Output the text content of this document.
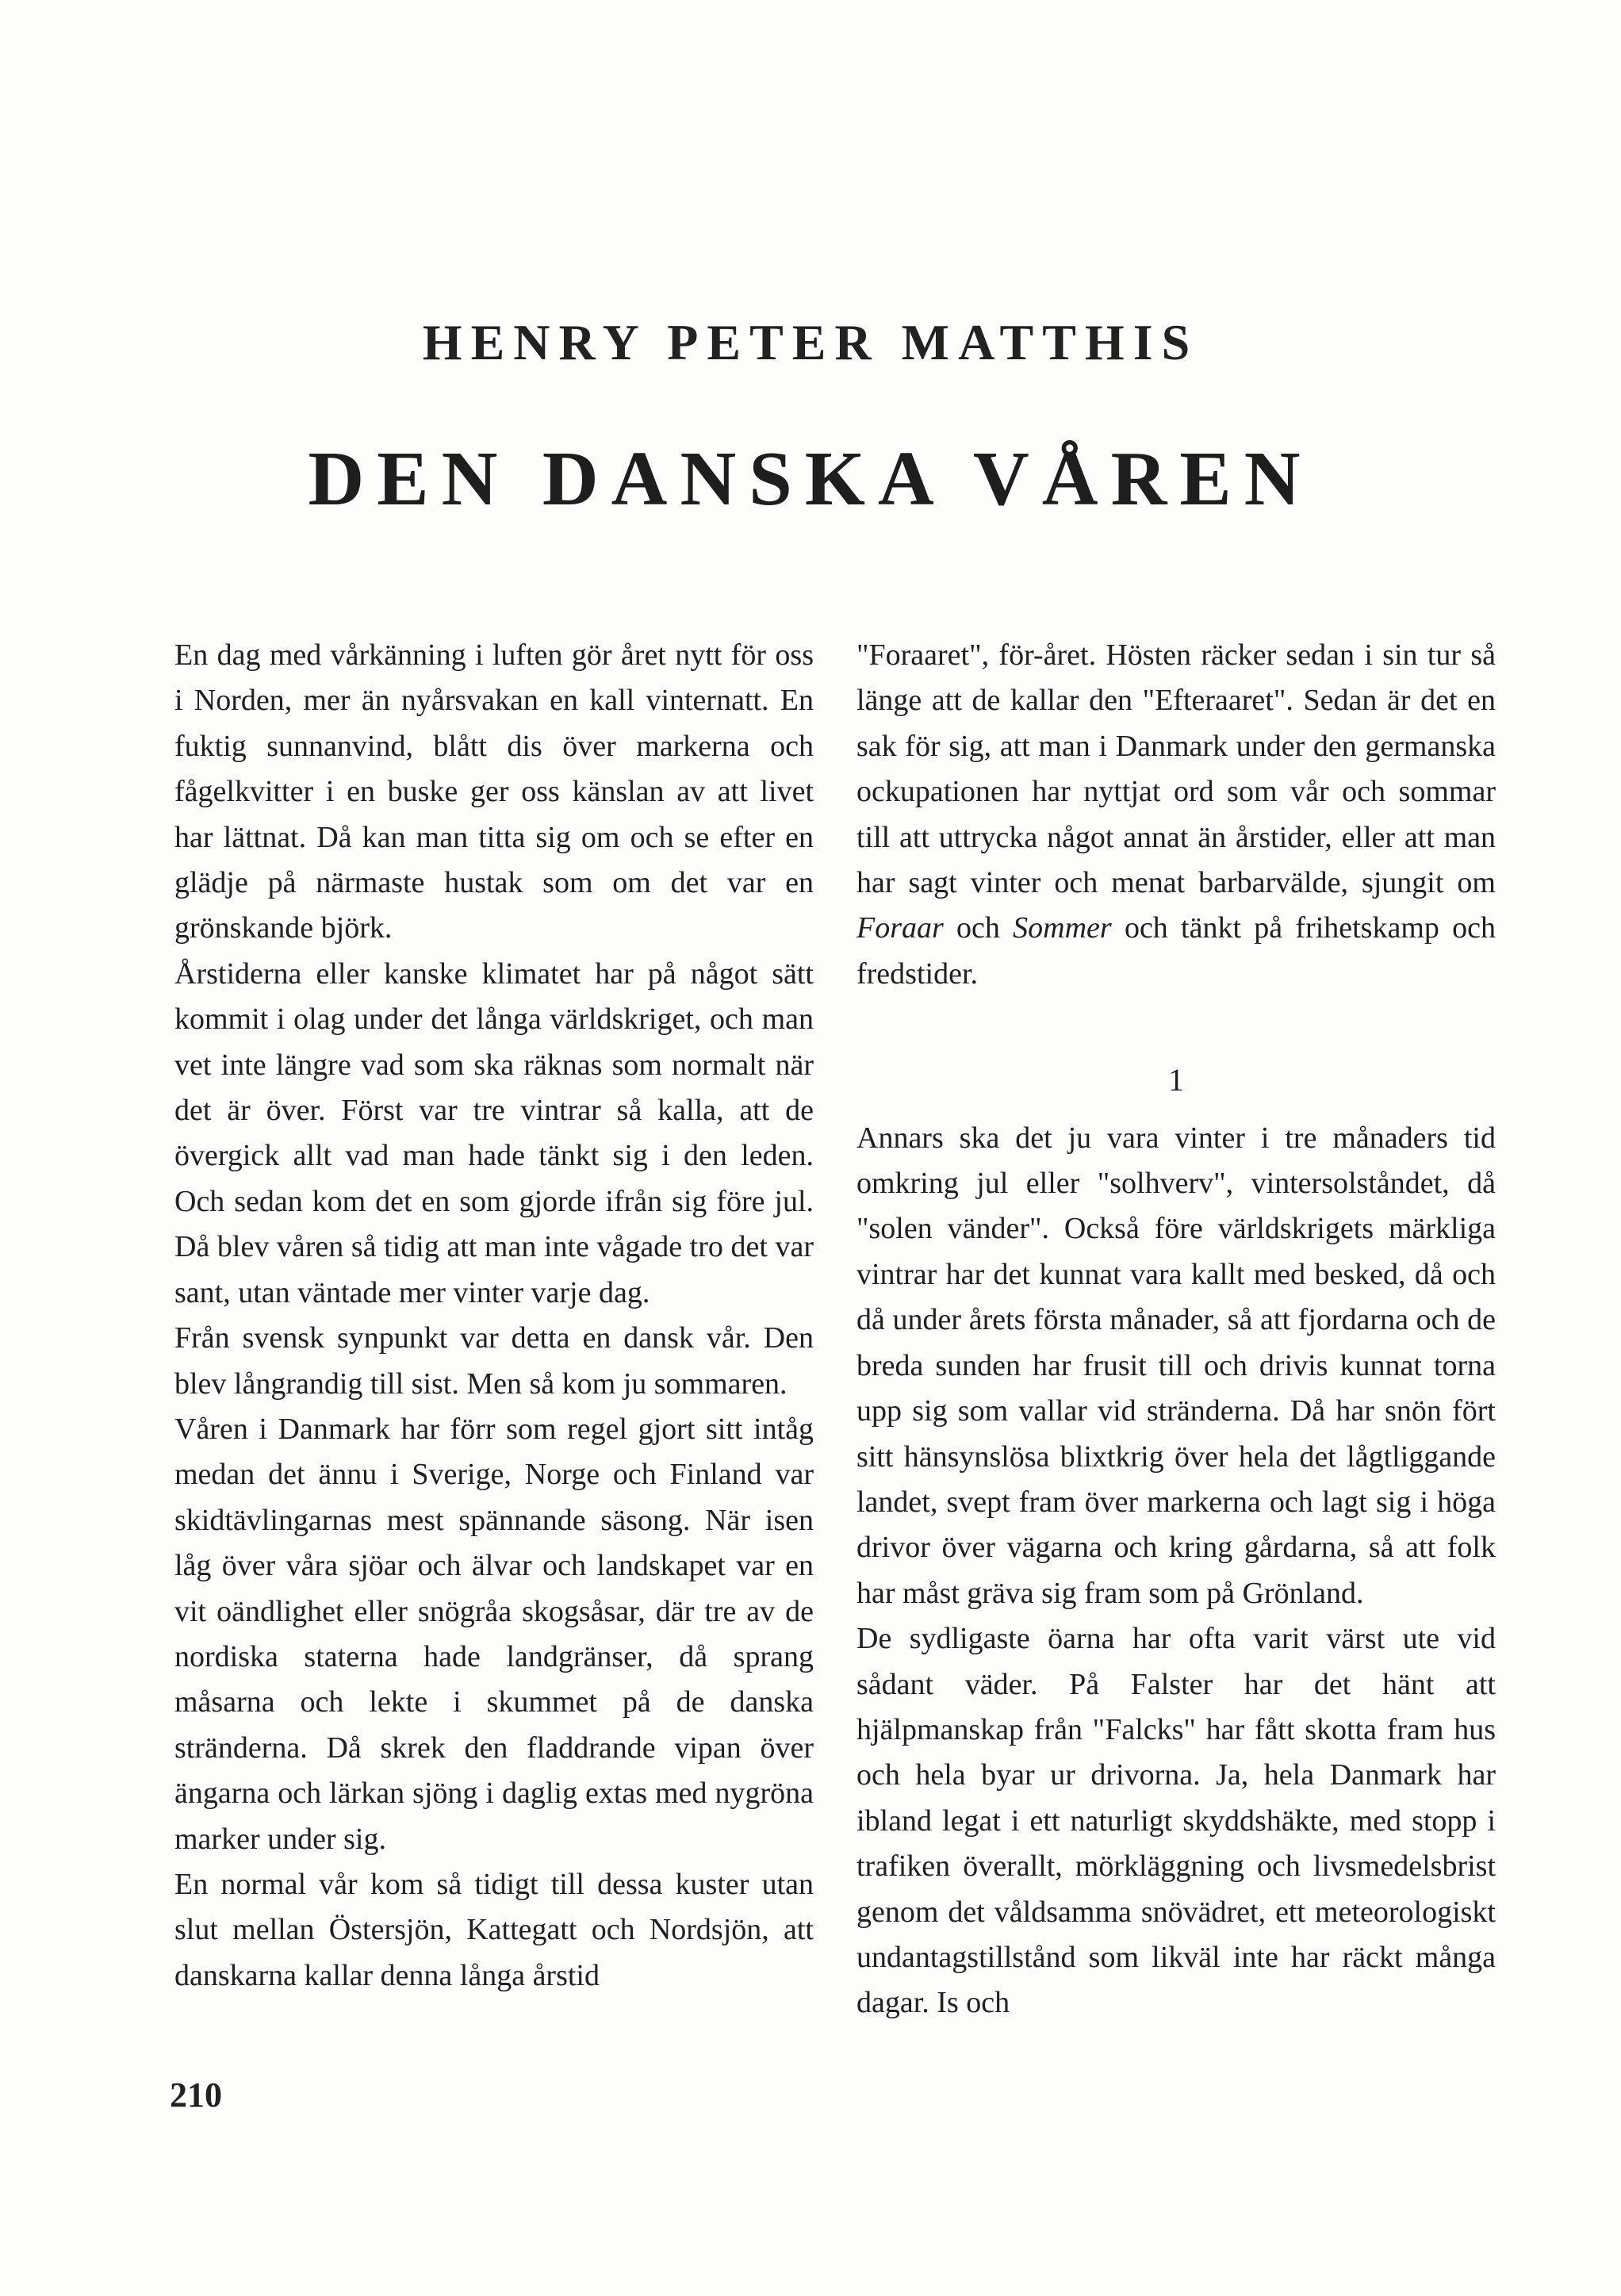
HENRY PETER MATTHIS
DEN DANSKA VÅREN

En dag med vårkänning i luften gör året nytt för oss i Norden, mer än nyårsvakan en kall vinternatt. En fuktig sunnanvind, blått dis över markerna och fågelkvitter i en buske ger oss känslan av att livet har lättnat. Då kan man titta sig om och se efter en glädje på närmaste hustak som om det var en grönskande björk.

Årstiderna eller kanske klimatet har på något sätt kommit i olag under det långa världskriget, och man vet inte längre vad som ska räknas som normalt när det är över. Först var tre vintrar så kalla, att de övergick allt vad man hade tänkt sig i den leden. Och sedan kom det en som gjorde ifrån sig före jul. Då blev våren så tidig att man inte vågade tro det var sant, utan väntade mer vinter varje dag.

Från svensk synpunkt var detta en dansk vår. Den blev långrandig till sist. Men så kom ju sommaren.

Våren i Danmark har förr som regel gjort sitt intåg medan det ännu i Sverige, Norge och Finland var skidtävlingarnas mest spännande säsong. När isen låg över våra sjöar och älvar och landskapet var en vit oändlighet eller snögråa skogsåsar, där tre av de nordiska staterna hade landgränser, då sprang måsarna och lekte i skummet på de danska stränderna. Då skrek den fladdrande vipan över ängarna och lärkan sjöng i daglig extas med nygröna marker under sig.

En normal vår kom så tidigt till dessa kuster utan slut mellan Östersjön, Kattegatt och Nordsjön, att danskarna kallar denna långa årstid

"Foraaret", för-året. Hösten räcker sedan i sin tur så länge att de kallar den "Efteraaret". Sedan är det en sak för sig, att man i Danmark under den germanska ockupationen har nyttjat ord som vår och sommar till att uttrycka något annat än årstider, eller att man har sagt vinter och menat barbarvälde, sjungit om Foraar och Sommer och tänkt på frihetskamp och fredstider.

1

Annars ska det ju vara vinter i tre månaders tid omkring jul eller "solhverv", vintersolståndet, då "solen vänder". Också före världskrigets märkliga vintrar har det kunnat vara kallt med besked, då och då under årets första månader, så att fjordarna och de breda sunden har frusit till och drivis kunnat torna upp sig som vallar vid stränderna. Då har snön fört sitt hänsynslösa blixtkrig över hela det lågtliggande landet, svept fram över markerna och lagt sig i höga drivor över vägarna och kring gårdarna, så att folk har måst gräva sig fram som på Grönland.

De sydligaste öarna har ofta varit värst ute vid sådant väder. På Falster har det hänt att hjälpmanskap från "Falcks" har fått skotta fram hus och hela byar ur drivorna. Ja, hela Danmark har ibland legat i ett naturligt skyddshäkte, med stopp i trafiken överallt, mörkläggning och livsmedelsbrist genom det våldsamma snövädret, ett meteorologiskt undantagstillstånd som likväl inte har räckt många dagar. Is och

210
